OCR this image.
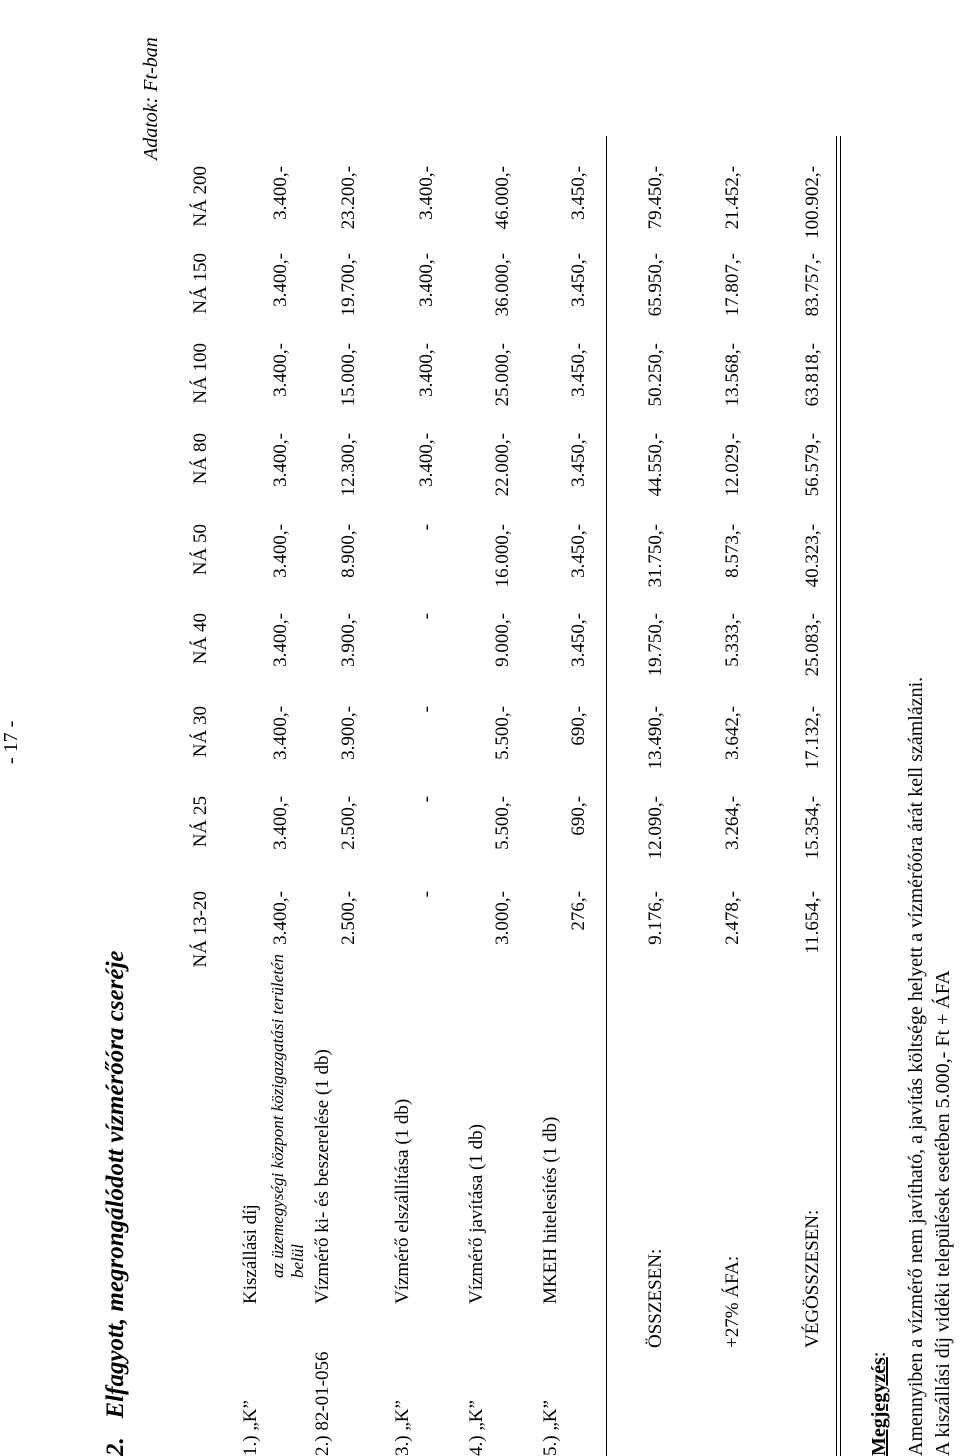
- 17 -
2.   Elfagyott, megrongálódott vízmérőóra cseréje
Adatok: Ft-ban
NÁ 13-20
NÁ 25
NÁ 30
NÁ 40
NÁ 50
NÁ 80
NÁ 100
NÁ 150
NÁ 200
1.) „K”
Kiszállási díj az üzemegységi központ közigazgatási területén belül
3.400,-
3.400,-
3.400,-
3.400,-
3.400,-
3.400,-
3.400,-
3.400,-
3.400,-
2.) 82-01-056
Vízmérő ki- és beszerelése (1 db)
2.500,-
2.500,-
3.900,-
3.900,-
8.900,-
12.300,-
15.000,-
19.700,-
23.200,-
3.) „K”
Vízmérő elszállítása (1 db)
-
-
-
-
-
3.400,-
3.400,-
3.400,-
3.400,-
4.) „K”
Vízmérő javítása (1 db)
3.000,-
5.500,-
5.500,-
9.000,-
16.000,-
22.000,-
25.000,-
36.000,-
46.000,-
5.) „K”
MKEH hitelesítés (1 db)
276,-
690,-
690,-
3.450,-
3.450,-
3.450,-
3.450,-
3.450,-
3.450,-
ÖSSZESEN:
9.176,-
12.090,-
13.490,-
19.750,-
31.750,-
44.550,-
50.250,-
65.950,-
79.450,-
+27% ÁFA:
2.478,-
3.264,-
3.642,-
5.333,-
8.573,-
12.029,-
13.568,-
17.807,-
21.452,-
VÉGÖSSZESEN:
11.654,-
15.354,-
17.132,-
25.083,-
40.323,-
56.579,-
63.818,-
83.757,-
100.902,-
Megjegyzés: Amennyiben a vízmérő nem javítható, a javítás költsége helyett a vízmérőóra árát kell számlázni. A kiszállási díj vidéki települések esetében 5.000,- Ft + ÁFA
